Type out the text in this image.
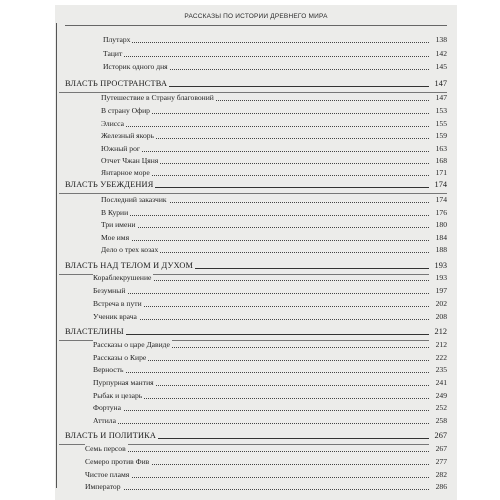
РАССКАЗЫ ПО ИСТОРИИ ДРЕВНЕГО МИРА
Плутарх	138
Тацит	142
Историк одного дня	145
ВЛАСТЬ ПРОСТРАНСТВА	147
Путешествие в Страну благовоний	147
В страну Офир	153
Элисса	155
Железный якорь	159
Южный рог	163
Отчет Чжан Цяня	168
Янтарное море	171
ВЛАСТЬ УБЕЖДЕНИЯ	174
Последний заказчик	174
В Курии	176
Три имени	180
Мое имя	184
Дело о трех козах	188
ВЛАСТЬ НАД ТЕЛОМ И ДУХОМ	193
Кораблекрушение	193
Безумный	197
Встреча в пути	202
Ученик врача	208
ВЛАСТЕЛИНЫ	212
Рассказы о царе Давиде	212
Рассказы о Кире	222
Верность	235
Пурпурная мантия	241
Рыбак и цезарь	249
Фортуна	252
Аттила	258
ВЛАСТЬ И ПОЛИТИКА	267
Семь персов	267
Семеро против Фив	277
Чистое пламя	282
Император	286
